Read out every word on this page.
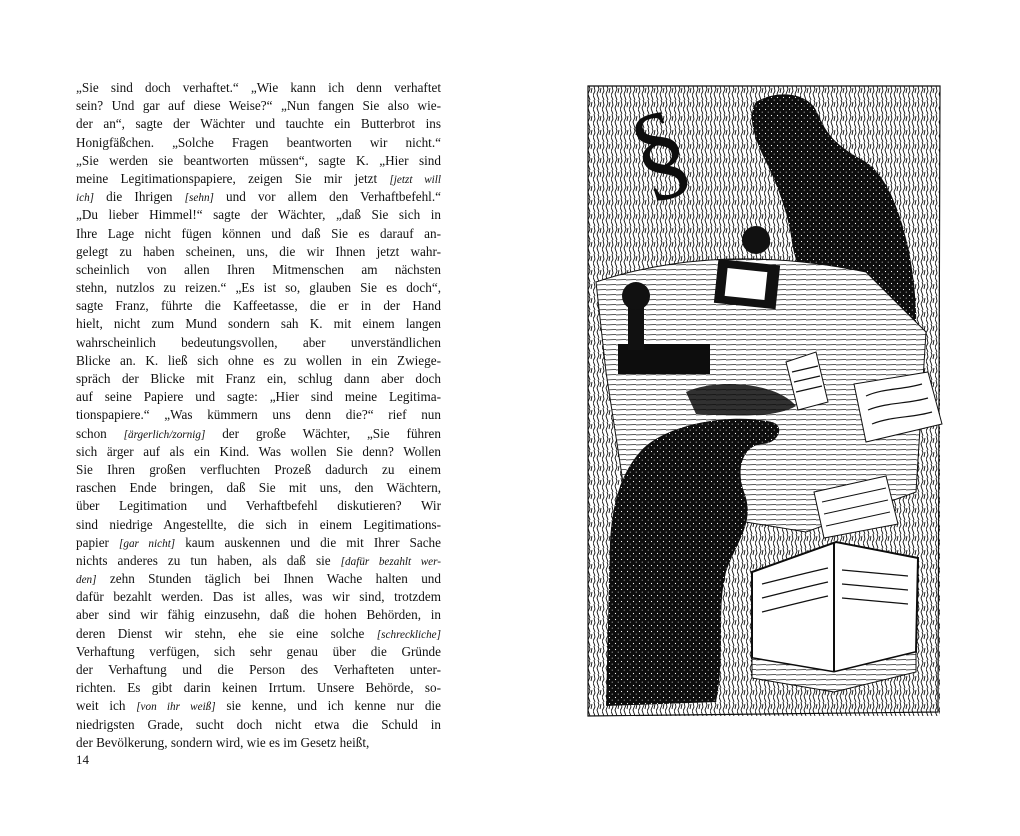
„Sie sind doch verhaftet.“ „Wie kann ich denn verhaftet
sein? Und gar auf diese Weise?“ „Nun fangen Sie also wie-
der an“, sagte der Wächter und tauchte ein Butterbrot ins
Honigfäßchen. „Solche Fragen beantworten wir nicht.“
„Sie werden sie beantworten müssen“, sagte K. „Hier sind
meine Legitimationspapiere, zeigen Sie mir jetzt [jetzt will
ich] die Ihrigen [sehn] und vor allem den Verhaftbefehl.“
„Du lieber Himmel!“ sagte der Wächter, „daß Sie sich in
Ihre Lage nicht fügen können und daß Sie es darauf an-
gelegt zu haben scheinen, uns, die wir Ihnen jetzt wahr-
scheinlich von allen Ihren Mitmenschen am nächsten
stehn, nutzlos zu reizen.“ „Es ist so, glauben Sie es doch“,
sagte Franz, führte die Kaffeetasse, die er in der Hand
hielt, nicht zum Mund sondern sah K. mit einem langen
wahrscheinlich bedeutungsvollen, aber unverständlichen
Blicke an. K. ließ sich ohne es zu wollen in ein Zwiege-
spräch der Blicke mit Franz ein, schlug dann aber doch
auf seine Papiere und sagte: „Hier sind meine Legitima-
tionspapiere.“ „Was kümmern uns denn die?“ rief nun
schon [ärgerlich/zornig] der große Wächter, „Sie führen
sich ärger auf als ein Kind. Was wollen Sie denn? Wollen
Sie Ihren großen verfluchten Prozeß dadurch zu einem
raschen Ende bringen, daß Sie mit uns, den Wächtern,
über Legitimation und Verhaftbefehl diskutieren? Wir
sind niedrige Angestellte, die sich in einem Legitimations-
papier [gar nicht] kaum auskennen und die mit Ihrer Sache
nichts anderes zu tun haben, als daß sie [dafür bezahlt wer-
den] zehn Stunden täglich bei Ihnen Wache halten und
dafür bezahlt werden. Das ist alles, was wir sind, trotzdem
aber sind wir fähig einzusehn, daß die hohen Behörden, in
deren Dienst wir stehn, ehe sie eine solche [schreckliche]
Verhaftung verfügen, sich sehr genau über die Gründe
der Verhaftung und die Person des Verhafteten unter-
richten. Es gibt darin keinen Irrtum. Unsere Behörde, so-
weit ich [von ihr weiß] sie kenne, und ich kenne nur die
niedrigsten Grade, sucht doch nicht etwa die Schuld in
der Bevölkerung, sondern wird, wie es im Gesetz heißt,
14
§
